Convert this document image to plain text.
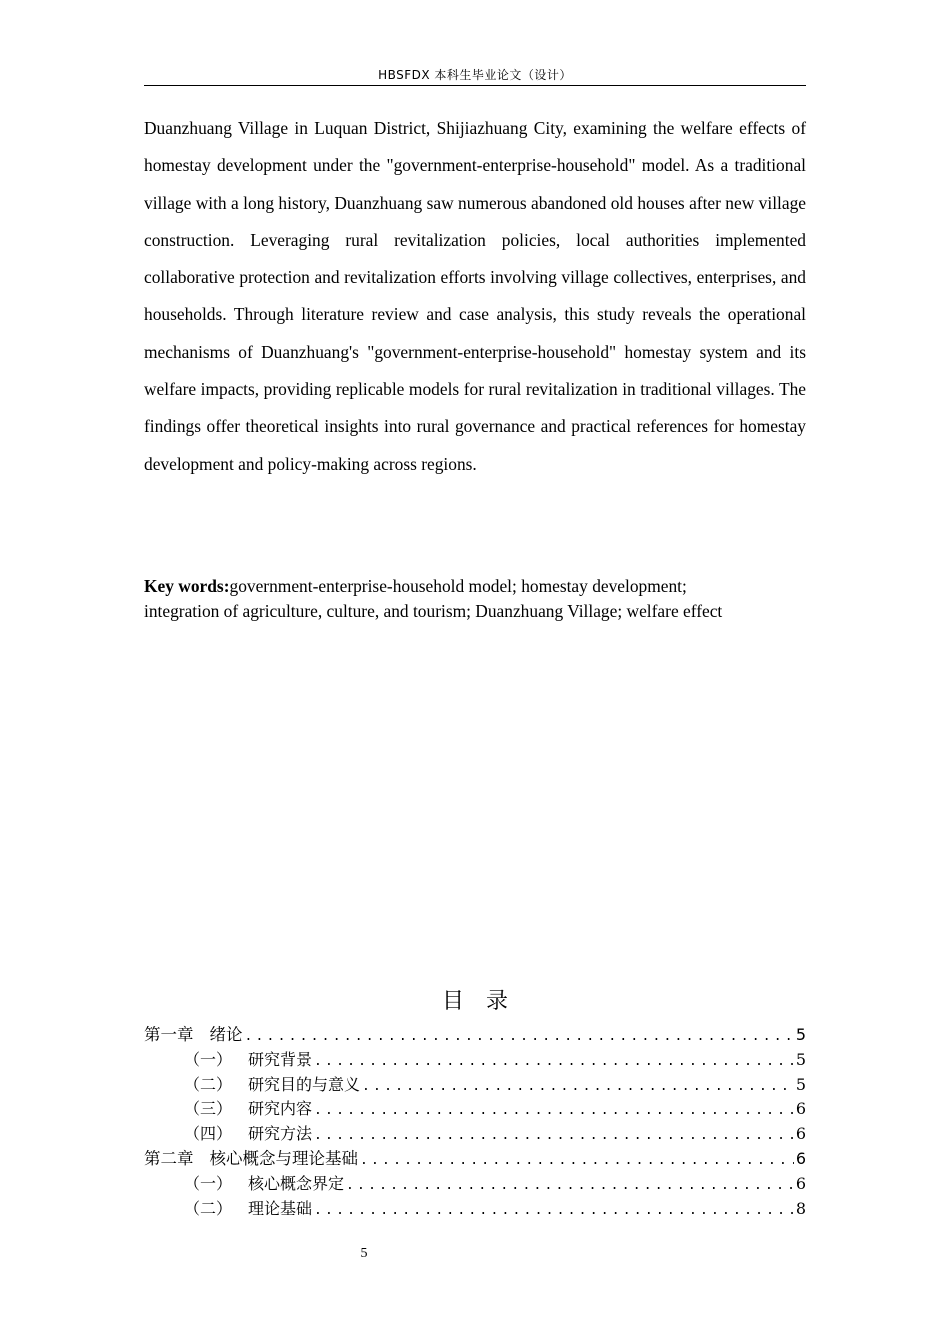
HBSFDX 本科生毕业论文（设计）

Duanzhuang Village in Luquan District, Shijiazhuang City, examining the welfare effects of homestay development under the "government-enterprise-household" model. As a traditional village with a long history, Duanzhuang saw numerous abandoned old houses after new village construction. Leveraging rural revitalization policies, local authorities implemented collaborative protection and revitalization efforts involving village collectives, enterprises, and households. Through literature review and case analysis, this study reveals the operational mechanisms of Duanzhuang's "government-enterprise-household" homestay system and its welfare impacts, providing replicable models for rural revitalization in traditional villages. The findings offer theoretical insights into rural governance and practical references for homestay development and policy-making across regions.

Key words:government-enterprise-household model; homestay development;
integration of agriculture, culture, and tourism; Duanzhuang Village; welfare effect

目录
第一章 绪论 .....	5
（一） 研究背景 .....	5
（二） 研究目的与意义 .....	5
（三） 研究内容 .....	6
（四） 研究方法 .....	6
第二章 核心概念与理论基础 .....	6
（一） 核心概念界定 .....	6
（二） 理论基础 .....	8
5
